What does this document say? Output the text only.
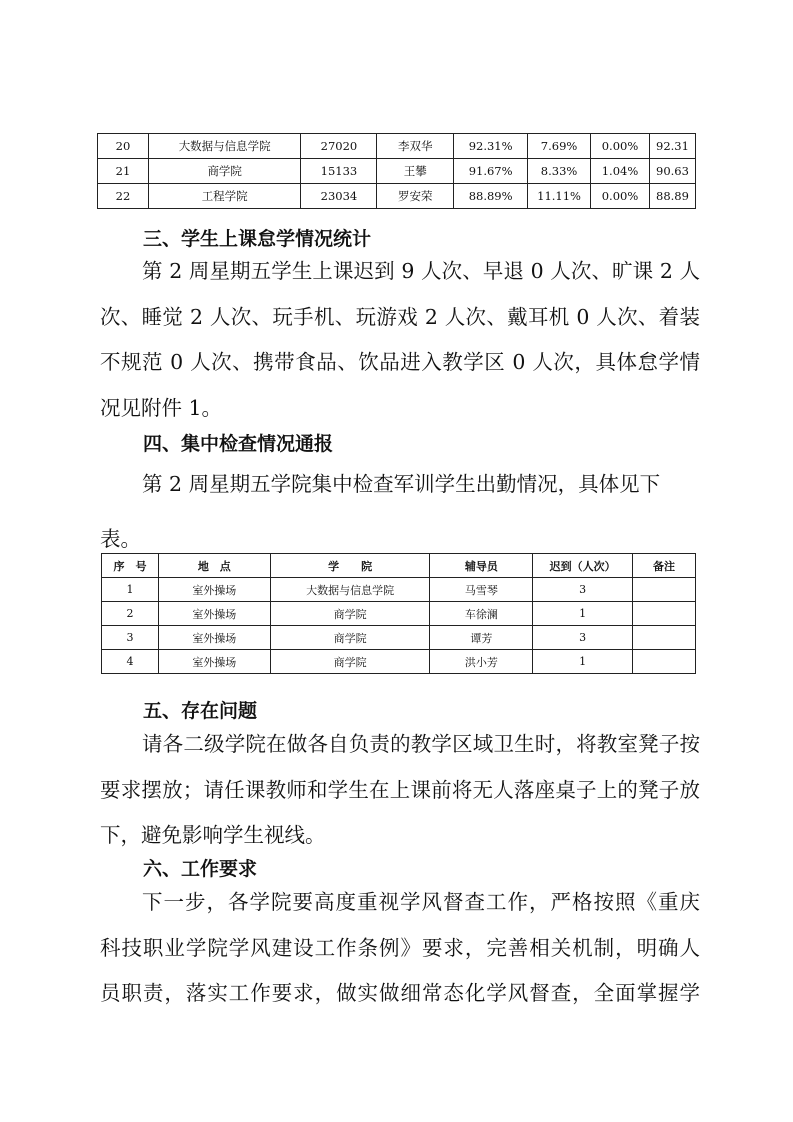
20	大数据与信息学院	27020	李双华	92.31%	7.69%	0.00%	92.31
21	商学院	15133	王攀	91.67%	8.33%	1.04%	90.63
22	工程学院	23034	罗安荣	88.89%	11.11%	0.00%	88.89
三、学生上课怠学情况统计
第 2 周星期五学生上课迟到 9 人次、早退 0 人次、旷课 2 人
次、睡觉 2 人次、玩手机、玩游戏 2 人次、戴耳机 0 人次、着装
不规范 0 人次、携带食品、饮品进入教学区 0 人次，具体怠学情
况见附件 1。
四、集中检查情况通报
第 2 周星期五学院集中检查军训学生出勤情况，具体见下
表。
序　号	地　点	学　　院	辅导员	迟到（人次）	备注
1	室外操场	大数据与信息学院	马雪琴	3	
2	室外操场	商学院	车徐澜	1	
3	室外操场	商学院	谭芳	3	
4	室外操场	商学院	洪小芳	1	
五、存在问题
请各二级学院在做各自负责的教学区域卫生时，将教室凳子按
要求摆放；请任课教师和学生在上课前将无人落座桌子上的凳子放
下，避免影响学生视线。
六、工作要求
下一步，各学院要高度重视学风督查工作，严格按照《重庆
科技职业学院学风建设工作条例》要求，完善相关机制，明确人
员职责，落实工作要求，做实做细常态化学风督查，全面掌握学
